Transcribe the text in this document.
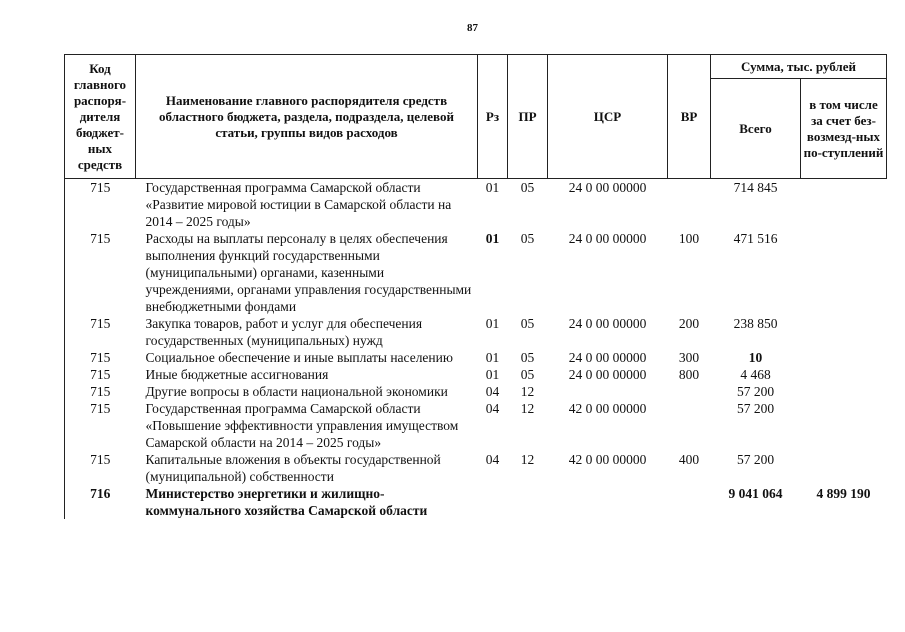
87
Код главного распоря-дителя бюджет-ных средств	Наименование главного распорядителя средств областного бюджета, раздела, подраздела, целевой статьи, группы видов расходов	Рз	ПР	ЦСР	ВР	Сумма, тыс. рублей	
						Всего	в том числе за счет без-возмезд-ных по-ступлений
715	Государственная программа Самарской области «Развитие мировой юстиции в Самарской области на 2014 – 2025 годы»	01	05	24 0 00 00000		714 845	
715	Расходы на выплаты персоналу в целях обеспечения выполнения функций государственными (муниципальными) органами, казенными учреждениями, органами управления государственными внебюджетными фондами	01	05	24 0 00 00000	100	471 516	
715	Закупка товаров, работ и услуг для обеспечения государственных (муниципальных) нужд	01	05	24 0 00 00000	200	238 850	
715	Социальное обеспечение и иные выплаты населению	01	05	24 0 00 00000	300	10	
715	Иные бюджетные ассигнования	01	05	24 0 00 00000	800	4 468	
715	Другие вопросы в области национальной экономики	04	12			57 200	
715	Государственная программа Самарской области «Повышение эффективности управления имуществом Самарской области на 2014 – 2025 годы»	04	12	42 0 00 00000		57 200	
715	Капитальные вложения в объекты государственной (муниципальной) собственности	04	12	42 0 00 00000	400	57 200	
716	Министерство энергетики и жилищно-коммунального хозяйства Самарской области					9 041 064	4 899 190
